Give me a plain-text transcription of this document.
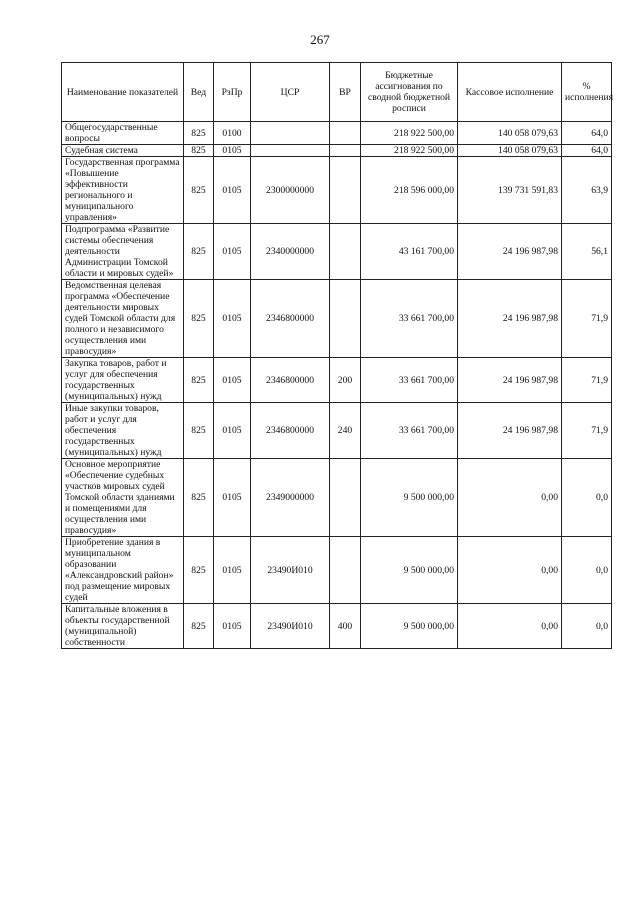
267
Наименование показателей	Вед	РзПр	ЦСР	ВР	Бюджетные ассигнования по сводной бюджетной росписи	Кассовое исполнение	% исполнения
Общегосударственные вопросы	825	0100			218 922 500,00	140 058 079,63	64,0
Судебная система	825	0105			218 922 500,00	140 058 079,63	64,0
Государственная программа «Повышение эффективности регионального и муниципального управления»	825	0105	2300000000		218 596 000,00	139 731 591,83	63,9
Подпрограмма «Развитие системы обеспечения деятельности Администрации Томской области и мировых судей»	825	0105	2340000000		43 161 700,00	24 196 987,98	56,1
Ведомственная целевая программа «Обеспечение деятельности мировых судей Томской области для полного и независимого осуществления ими правосудия»	825	0105	2346800000		33 661 700,00	24 196 987,98	71,9
Закупка товаров, работ и услуг для обеспечения государственных (муниципальных) нужд	825	0105	2346800000	200	33 661 700,00	24 196 987,98	71,9
Иные закупки товаров, работ и услуг для обеспечения государственных (муниципальных) нужд	825	0105	2346800000	240	33 661 700,00	24 196 987,98	71,9
Основное мероприятие «Обеспечение судебных участков мировых судей Томской области зданиями и помещениями для осуществления ими правосудия»	825	0105	2349000000		9 500 000,00	0,00	0,0
Приобретение здания в муниципальном образовании «Александровский район» под размещение мировых судей	825	0105	23490И010		9 500 000,00	0,00	0,0
Капитальные вложения в объекты государственной (муниципальной) собственности	825	0105	23490И010	400	9 500 000,00	0,00	0,0
